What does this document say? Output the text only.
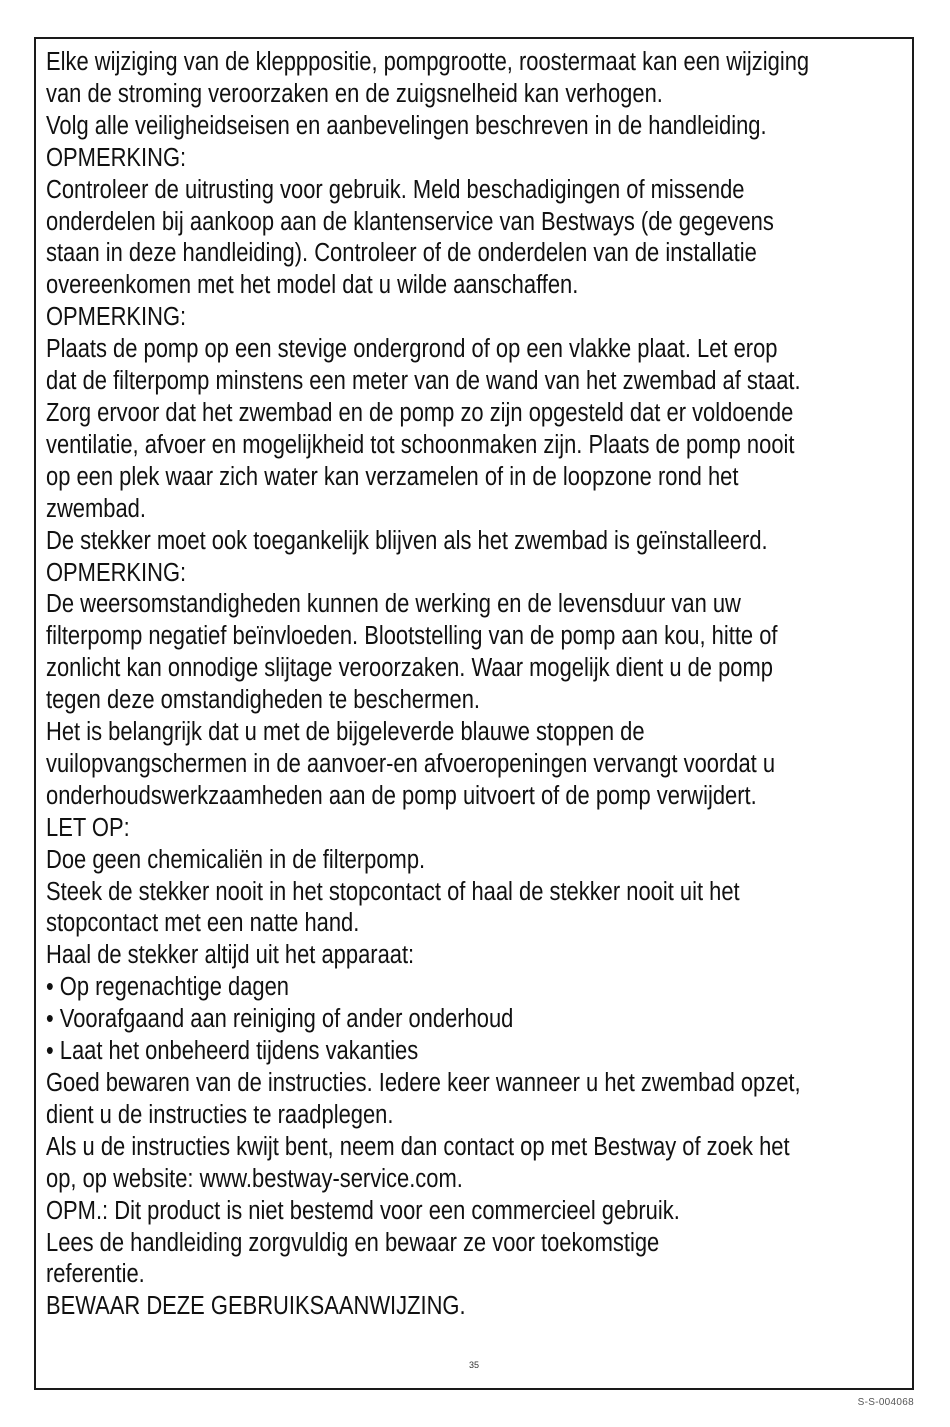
Elke wijziging van de klepppositie, pompgrootte, roostermaat kan een wijziging
van de stroming veroorzaken en de zuigsnelheid kan verhogen.
Volg alle veiligheidseisen en aanbevelingen beschreven in de handleiding.
OPMERKING:
Controleer de uitrusting voor gebruik. Meld beschadigingen of missende
onderdelen bij aankoop aan de klantenservice van Bestways (de gegevens
staan in deze handleiding). Controleer of de onderdelen van de installatie
overeenkomen met het model dat u wilde aanschaffen.
OPMERKING:
Plaats de pomp op een stevige ondergrond of op een vlakke plaat. Let erop
dat de filterpomp minstens een meter van de wand van het zwembad af staat.
Zorg ervoor dat het zwembad en de pomp zo zijn opgesteld dat er voldoende
ventilatie, afvoer en mogelijkheid tot schoonmaken zijn. Plaats de pomp nooit
op een plek waar zich water kan verzamelen of in de loopzone rond het
zwembad.
De stekker moet ook toegankelijk blijven als het zwembad is geïnstalleerd.
OPMERKING:
De weersomstandigheden kunnen de werking en de levensduur van uw
filterpomp negatief beïnvloeden. Blootstelling van de pomp aan kou, hitte of
zonlicht kan onnodige slijtage veroorzaken. Waar mogelijk dient u de pomp
tegen deze omstandigheden te beschermen.
Het is belangrijk dat u met de bijgeleverde blauwe stoppen de
vuilopvangschermen in de aanvoer-en afvoeropeningen vervangt voordat u
onderhoudswerkzaamheden aan de pomp uitvoert of de pomp verwijdert.
LET OP:
Doe geen chemicaliën in de filterpomp.
Steek de stekker nooit in het stopcontact of haal de stekker nooit uit het
stopcontact met een natte hand.
Haal de stekker altijd uit het apparaat:
• Op regenachtige dagen
• Voorafgaand aan reiniging of ander onderhoud
• Laat het onbeheerd tijdens vakanties
Goed bewaren van de instructies. Iedere keer wanneer u het zwembad opzet,
dient u de instructies te raadplegen.
Als u de instructies kwijt bent, neem dan contact op met Bestway of zoek het
op, op website: www.bestway-service.com.
OPM.: Dit product is niet bestemd voor een commercieel gebruik.
Lees de handleiding zorgvuldig en bewaar ze voor toekomstige
referentie.
BEWAAR DEZE GEBRUIKSAANWIJZING.
35
S-S-004068
